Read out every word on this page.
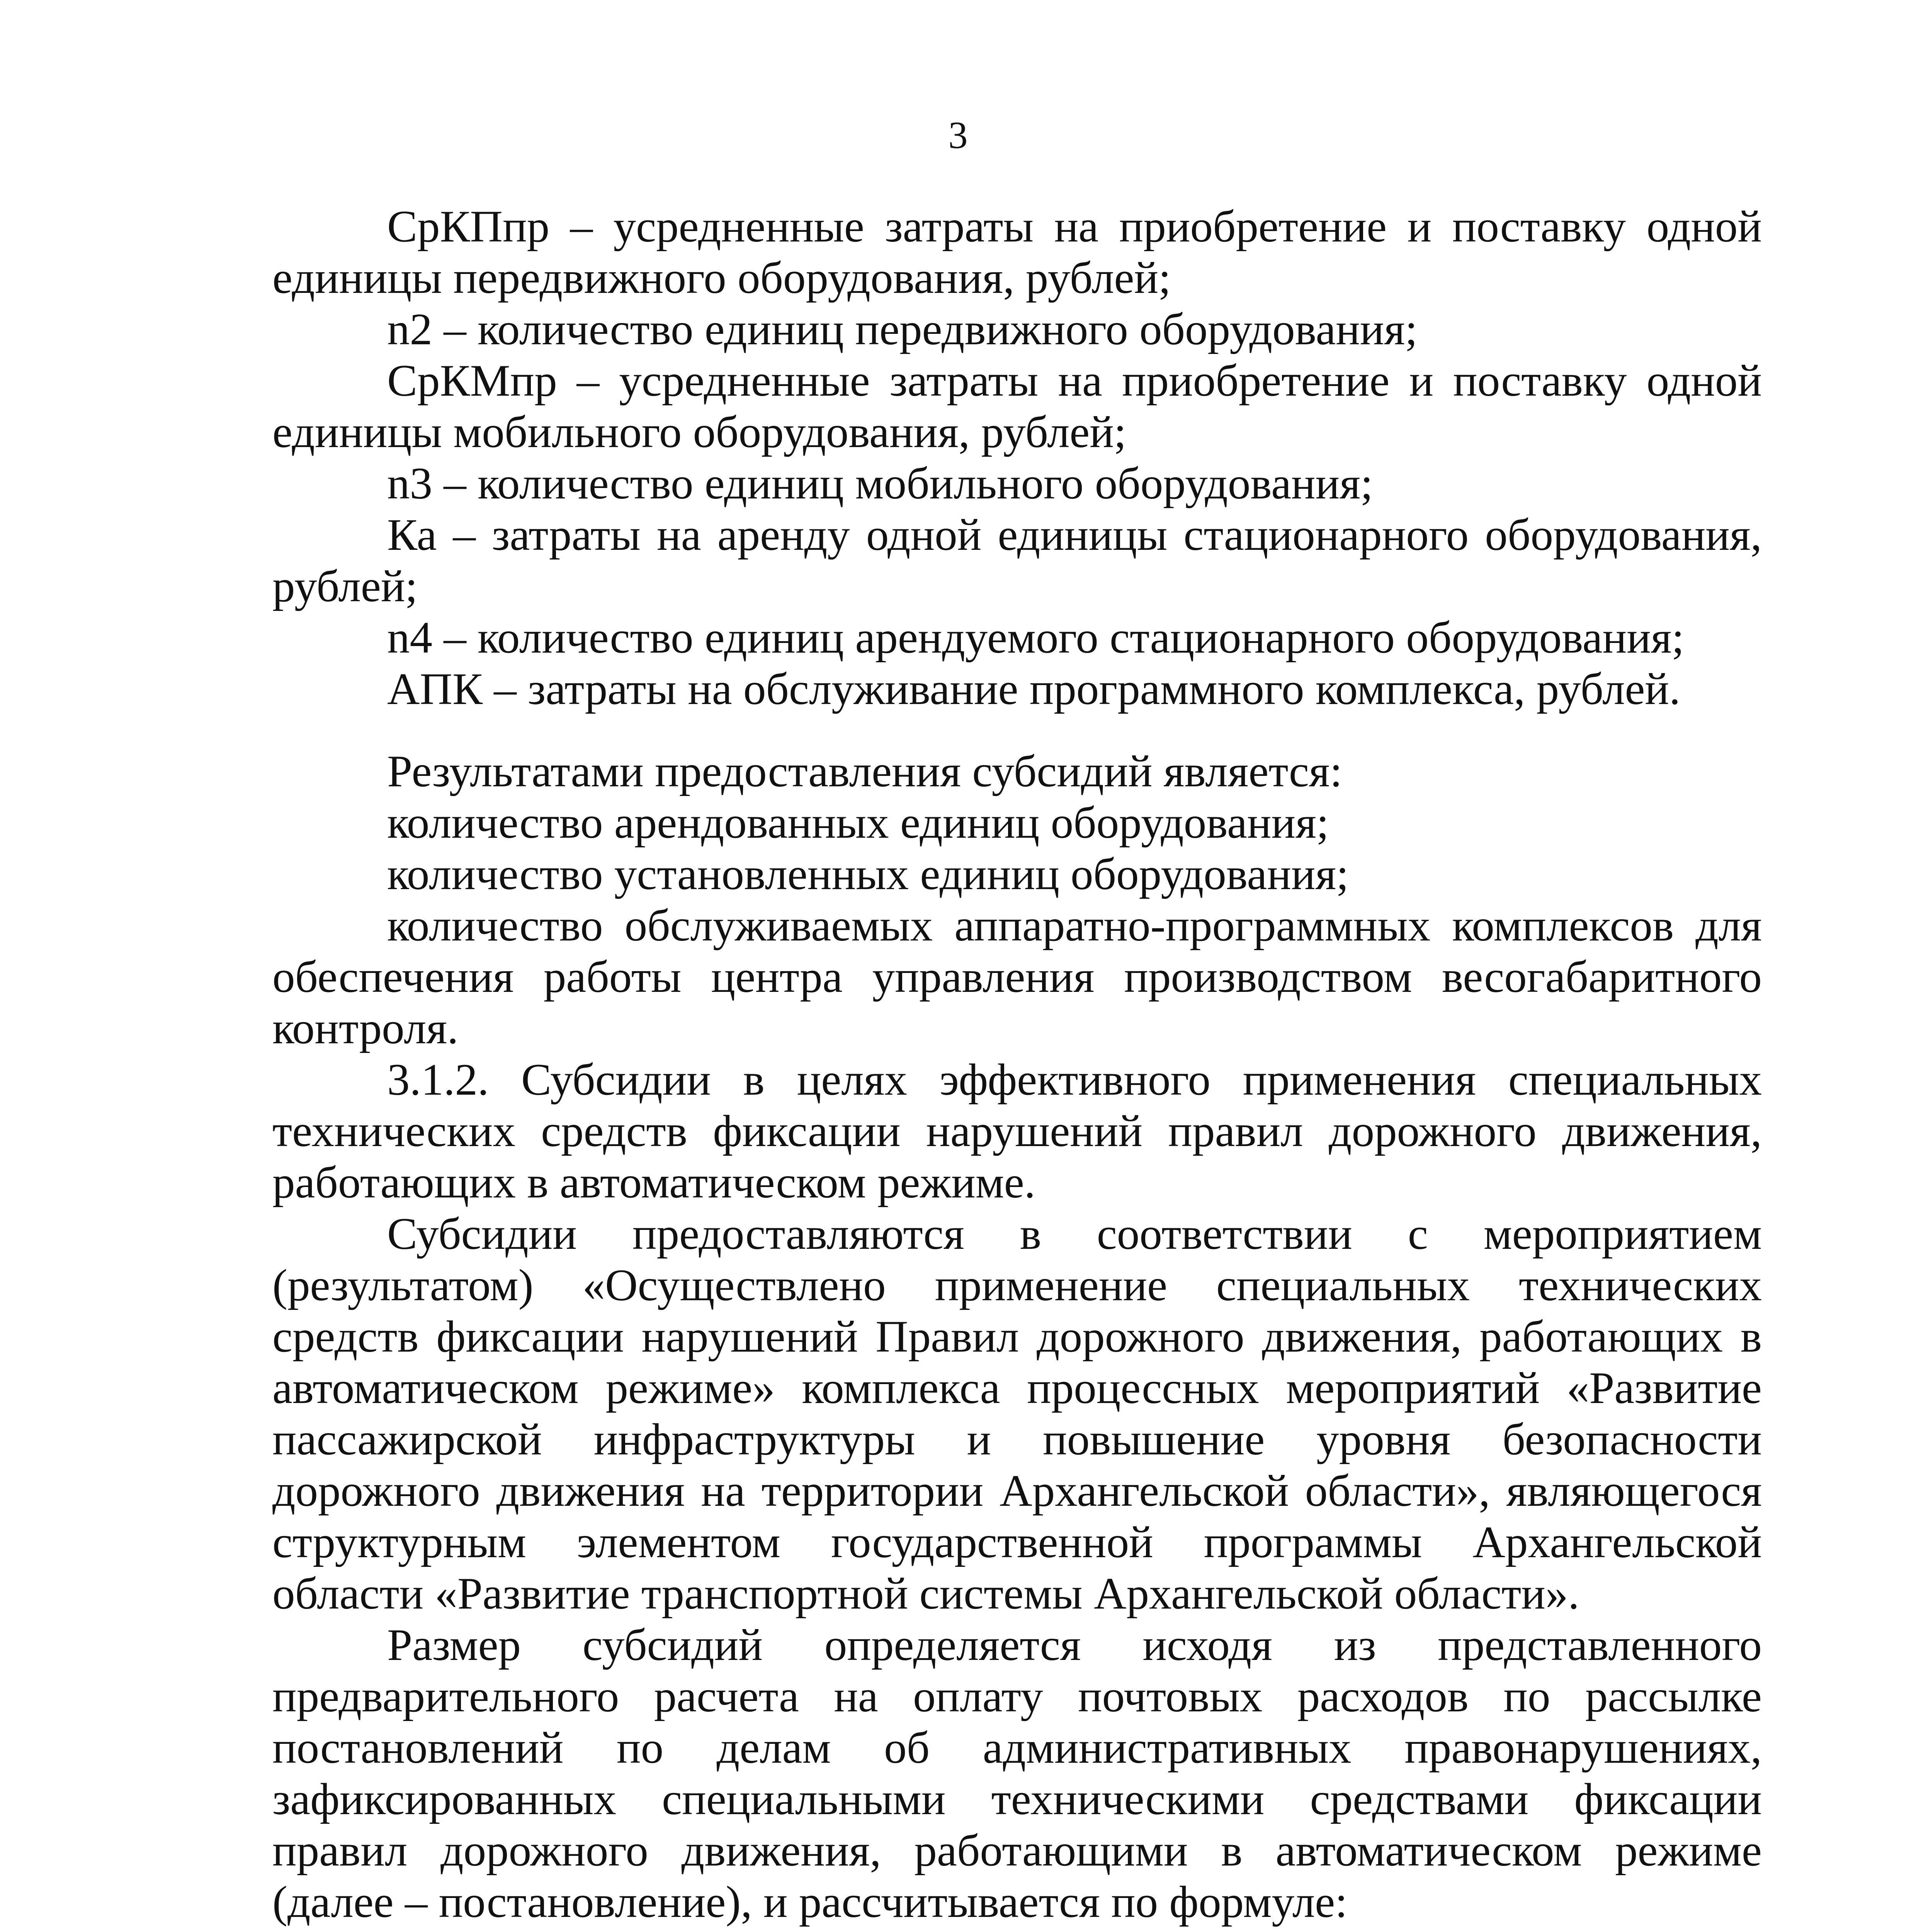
3

СрКПпр – усредненные затраты на приобретение и поставку одной единицы передвижного оборудования, рублей;

n2 – количество единиц передвижного оборудования;

СрКМпр – усредненные затраты на приобретение и поставку одной единицы мобильного оборудования, рублей;

n3 – количество единиц мобильного оборудования;

Ка – затраты на аренду одной единицы стационарного оборудования, рублей;

n4 – количество единиц арендуемого стационарного оборудования;

АПК – затраты на обслуживание программного комплекса, рублей.

Результатами предоставления субсидий является:

количество арендованных единиц оборудования;

количество установленных единиц оборудования;

количество обслуживаемых аппаратно-программных комплексов для обеспечения работы центра управления производством весогабаритного контроля.

3.1.2. Субсидии в целях эффективного применения специальных технических средств фиксации нарушений правил дорожного движения, работающих в автоматическом режиме.

Субсидии предоставляются в соответствии с мероприятием (результатом) «Осуществлено применение специальных технических средств фиксации нарушений Правил дорожного движения, работающих в автоматическом режиме» комплекса процессных мероприятий «Развитие пассажирской инфраструктуры и повышение уровня безопасности дорожного движения на территории Архангельской области», являющегося структурным элементом государственной программы Архангельской области «Развитие транспортной системы Архангельской области».

Размер субсидий определяется исходя из представленного предварительного расчета на оплату почтовых расходов по рассылке постановлений по делам об административных правонарушениях, зафиксированных специальными техническими средствами фиксации правил дорожного движения, работающими в автоматическом режиме (далее – постановление), и рассчитывается по формуле:
